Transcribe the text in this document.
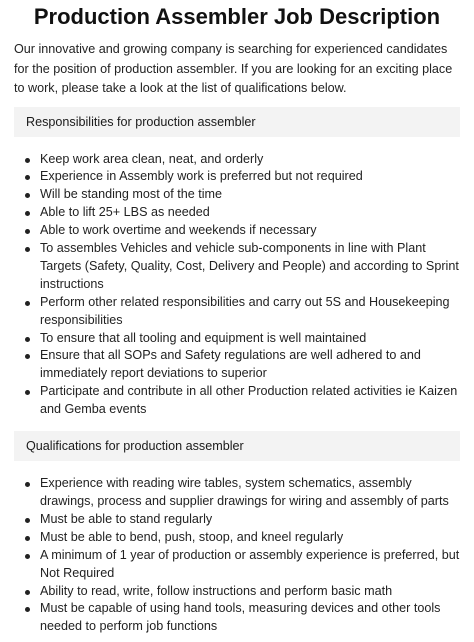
Production Assembler Job Description

Our innovative and growing company is searching for experienced candidates for the position of production assembler. If you are looking for an exciting place to work, please take a look at the list of qualifications below.

Responsibilities for production assembler
Keep work area clean, neat, and orderly
Experience in Assembly work is preferred but not required
Will be standing most of the time
Able to lift 25+ LBS as needed
Able to work overtime and weekends if necessary
To assembles Vehicles and vehicle sub-components in line with Plant Targets (Safety, Quality, Cost, Delivery and People) and according to Sprint instructions
Perform other related responsibilities and carry out 5S and Housekeeping responsibilities
To ensure that all tooling and equipment is well maintained
Ensure that all SOPs and Safety regulations are well adhered to and immediately report deviations to superior
Participate and contribute in all other Production related activities ie Kaizen and Gemba events
Qualifications for production assembler
Experience with reading wire tables, system schematics, assembly drawings, process and supplier drawings for wiring and assembly of parts
Must be able to stand regularly
Must be able to bend, push, stoop, and kneel regularly
A minimum of 1 year of production or assembly experience is preferred, but Not Required
Ability to read, write, follow instructions and perform basic math
Must be capable of using hand tools, measuring devices and other tools needed to perform job functions
